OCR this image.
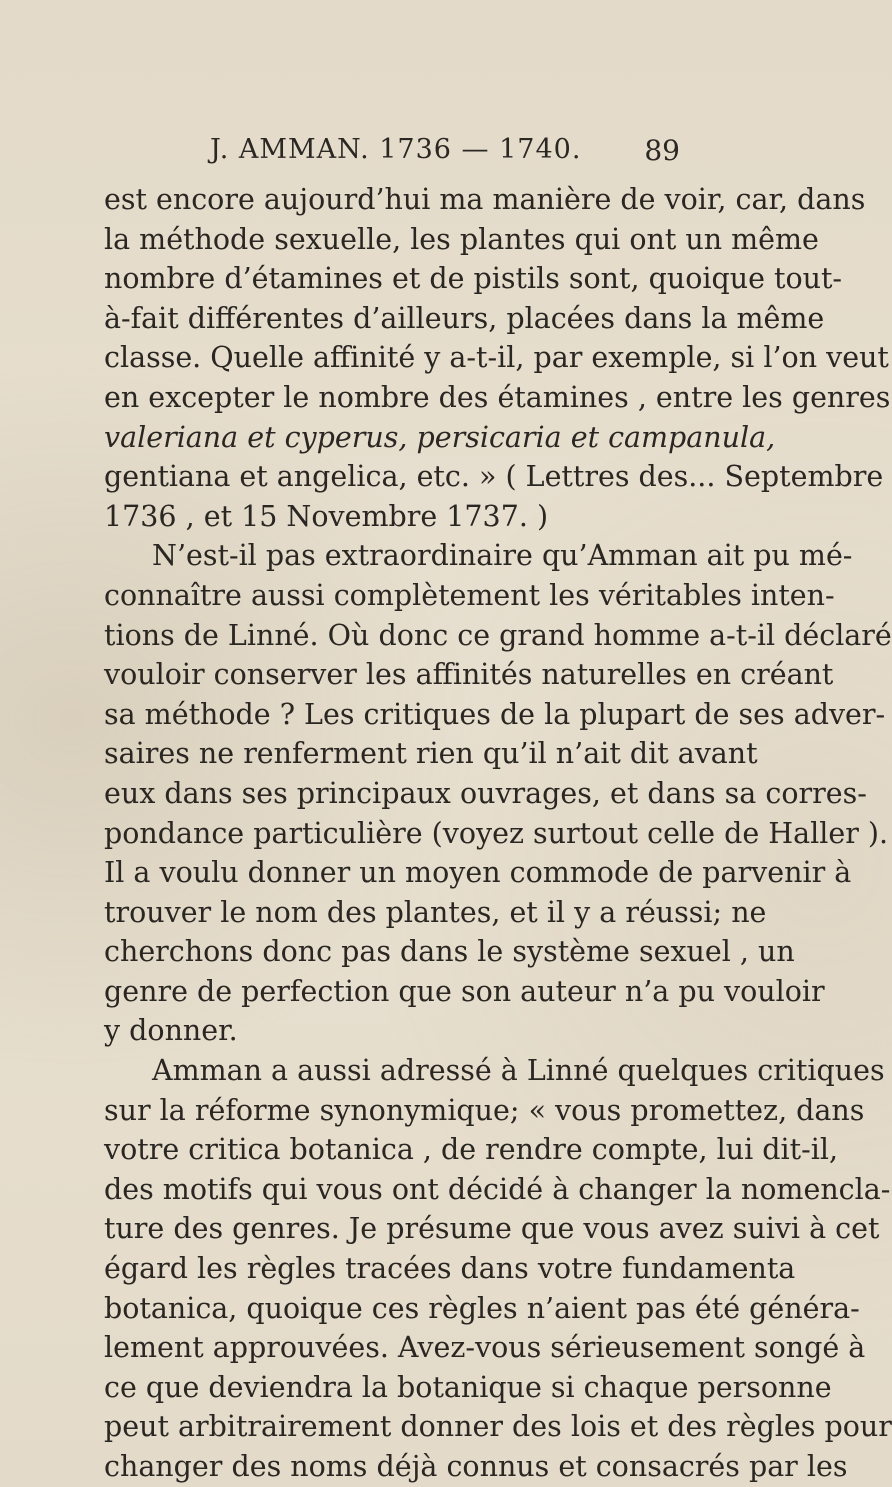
J. AMMAN. 1736 — 1740. 89
est encore aujourd’hui ma manière de voir, car, dans
la méthode sexuelle, les plantes qui ont un même
nombre d’étamines et de pistils sont, quoique tout-
à-fait différentes d’ailleurs, placées dans la même
classe. Quelle affinité y a-t-il, par exemple, si l’on veut
en excepter le nombre des étamines , entre les genres
valeriana et cyperus, persicaria et campanula,
gentiana et angelica, etc. » ( Lettres des... Septembre
1736 , et 15 Novembre 1737. )
N’est-il pas extraordinaire qu’Amman ait pu mé-
connaître aussi complètement les véritables inten-
tions de Linné. Où donc ce grand homme a-t-il déclaré
vouloir conserver les affinités naturelles en créant
sa méthode ? Les critiques de la plupart de ses adver-
saires ne renferment rien qu’il n’ait dit avant
eux dans ses principaux ouvrages, et dans sa corres-
pondance particulière (voyez surtout celle de Haller ).
Il a voulu donner un moyen commode de parvenir à
trouver le nom des plantes, et il y a réussi; ne
cherchons donc pas dans le système sexuel , un
genre de perfection que son auteur n’a pu vouloir
y donner.
Amman a aussi adressé à Linné quelques critiques
sur la réforme synonymique; « vous promettez, dans
votre critica botanica , de rendre compte, lui dit-il,
des motifs qui vous ont décidé à changer la nomencla-
ture des genres. Je présume que vous avez suivi à cet
égard les règles tracées dans votre fundamenta
botanica, quoique ces règles n’aient pas été généra-
lement approuvées. Avez-vous sérieusement songé à
ce que deviendra la botanique si chaque personne
peut arbitrairement donner des lois et des règles pour
changer des noms déjà connus et consacrés par les
